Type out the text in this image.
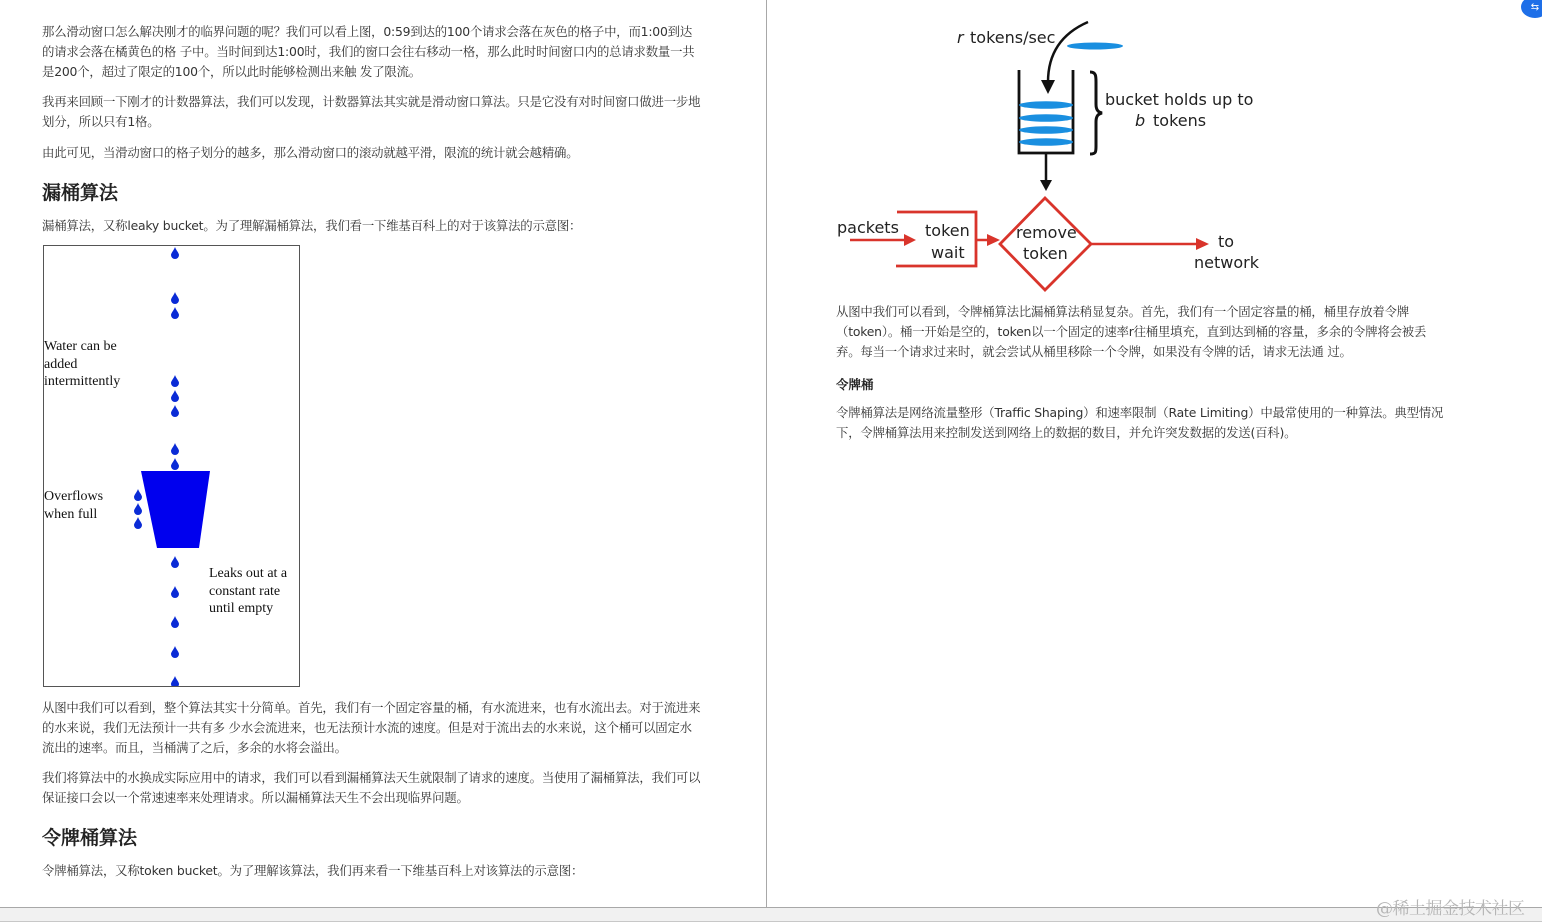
那么滑动窗口怎么解决刚才的临界问题的呢？我们可以看上图，0:59到达的100个请求会落在灰色的格子中，而1:00到达的请求会落在橘黄色的格 子中。当时间到达1:00时，我们的窗口会往右移动一格，那么此时时间窗口内的总请求数量一共是200个，超过了限定的100个，所以此时能够检测出来触 发了限流。

我再来回顾一下刚才的计数器算法，我们可以发现，计数器算法其实就是滑动窗口算法。只是它没有对时间窗口做进一步地划分，所以只有1格。

由此可见，当滑动窗口的格子划分的越多，那么滑动窗口的滚动就越平滑，限流的统计就会越精确。

漏桶算法

漏桶算法，又称leaky bucket。为了理解漏桶算法，我们看一下维基百科上的对于该算法的示意图：

Water can be
added
intermittently
Overflows
when full
Leaks out at a
constant rate
until empty

从图中我们可以看到，整个算法其实十分简单。首先，我们有一个固定容量的桶，有水流进来，也有水流出去。对于流进来的水来说，我们无法预计一共有多 少水会流进来，也无法预计水流的速度。但是对于流出去的水来说，这个桶可以固定水流出的速率。而且，当桶满了之后，多余的水将会溢出。

我们将算法中的水换成实际应用中的请求，我们可以看到漏桶算法天生就限制了请求的速度。当使用了漏桶算法，我们可以保证接口会以一个常速速率来处理请求。所以漏桶算法天生不会出现临界问题。

令牌桶算法

令牌桶算法，又称token bucket。为了理解该算法，我们再来看一下维基百科上对该算法的示意图：

r tokens/sec
bucket holds up to
b tokens
packets token
wait
remove
token
to
network

从图中我们可以看到，令牌桶算法比漏桶算法稍显复杂。首先，我们有一个固定容量的桶，桶里存放着令牌

（token）。桶一开始是空的，token以一个固定的速率r往桶里填充，直到达到桶的容量，多余的令牌将会被丢

弃。每当一个请求过来时，就会尝试从桶里移除一个令牌，如果没有令牌的话，请求无法通 过。

令牌桶

令牌桶算法是网络流量整形（Traffic Shaping）和速率限制（Rate Limiting）中最常使用的一种算法。典型情况

下，令牌桶算法用来控制发送到网络上的数据的数目，并允许突发数据的发送(百科)。

⇆
@稀土掘金技术社区
